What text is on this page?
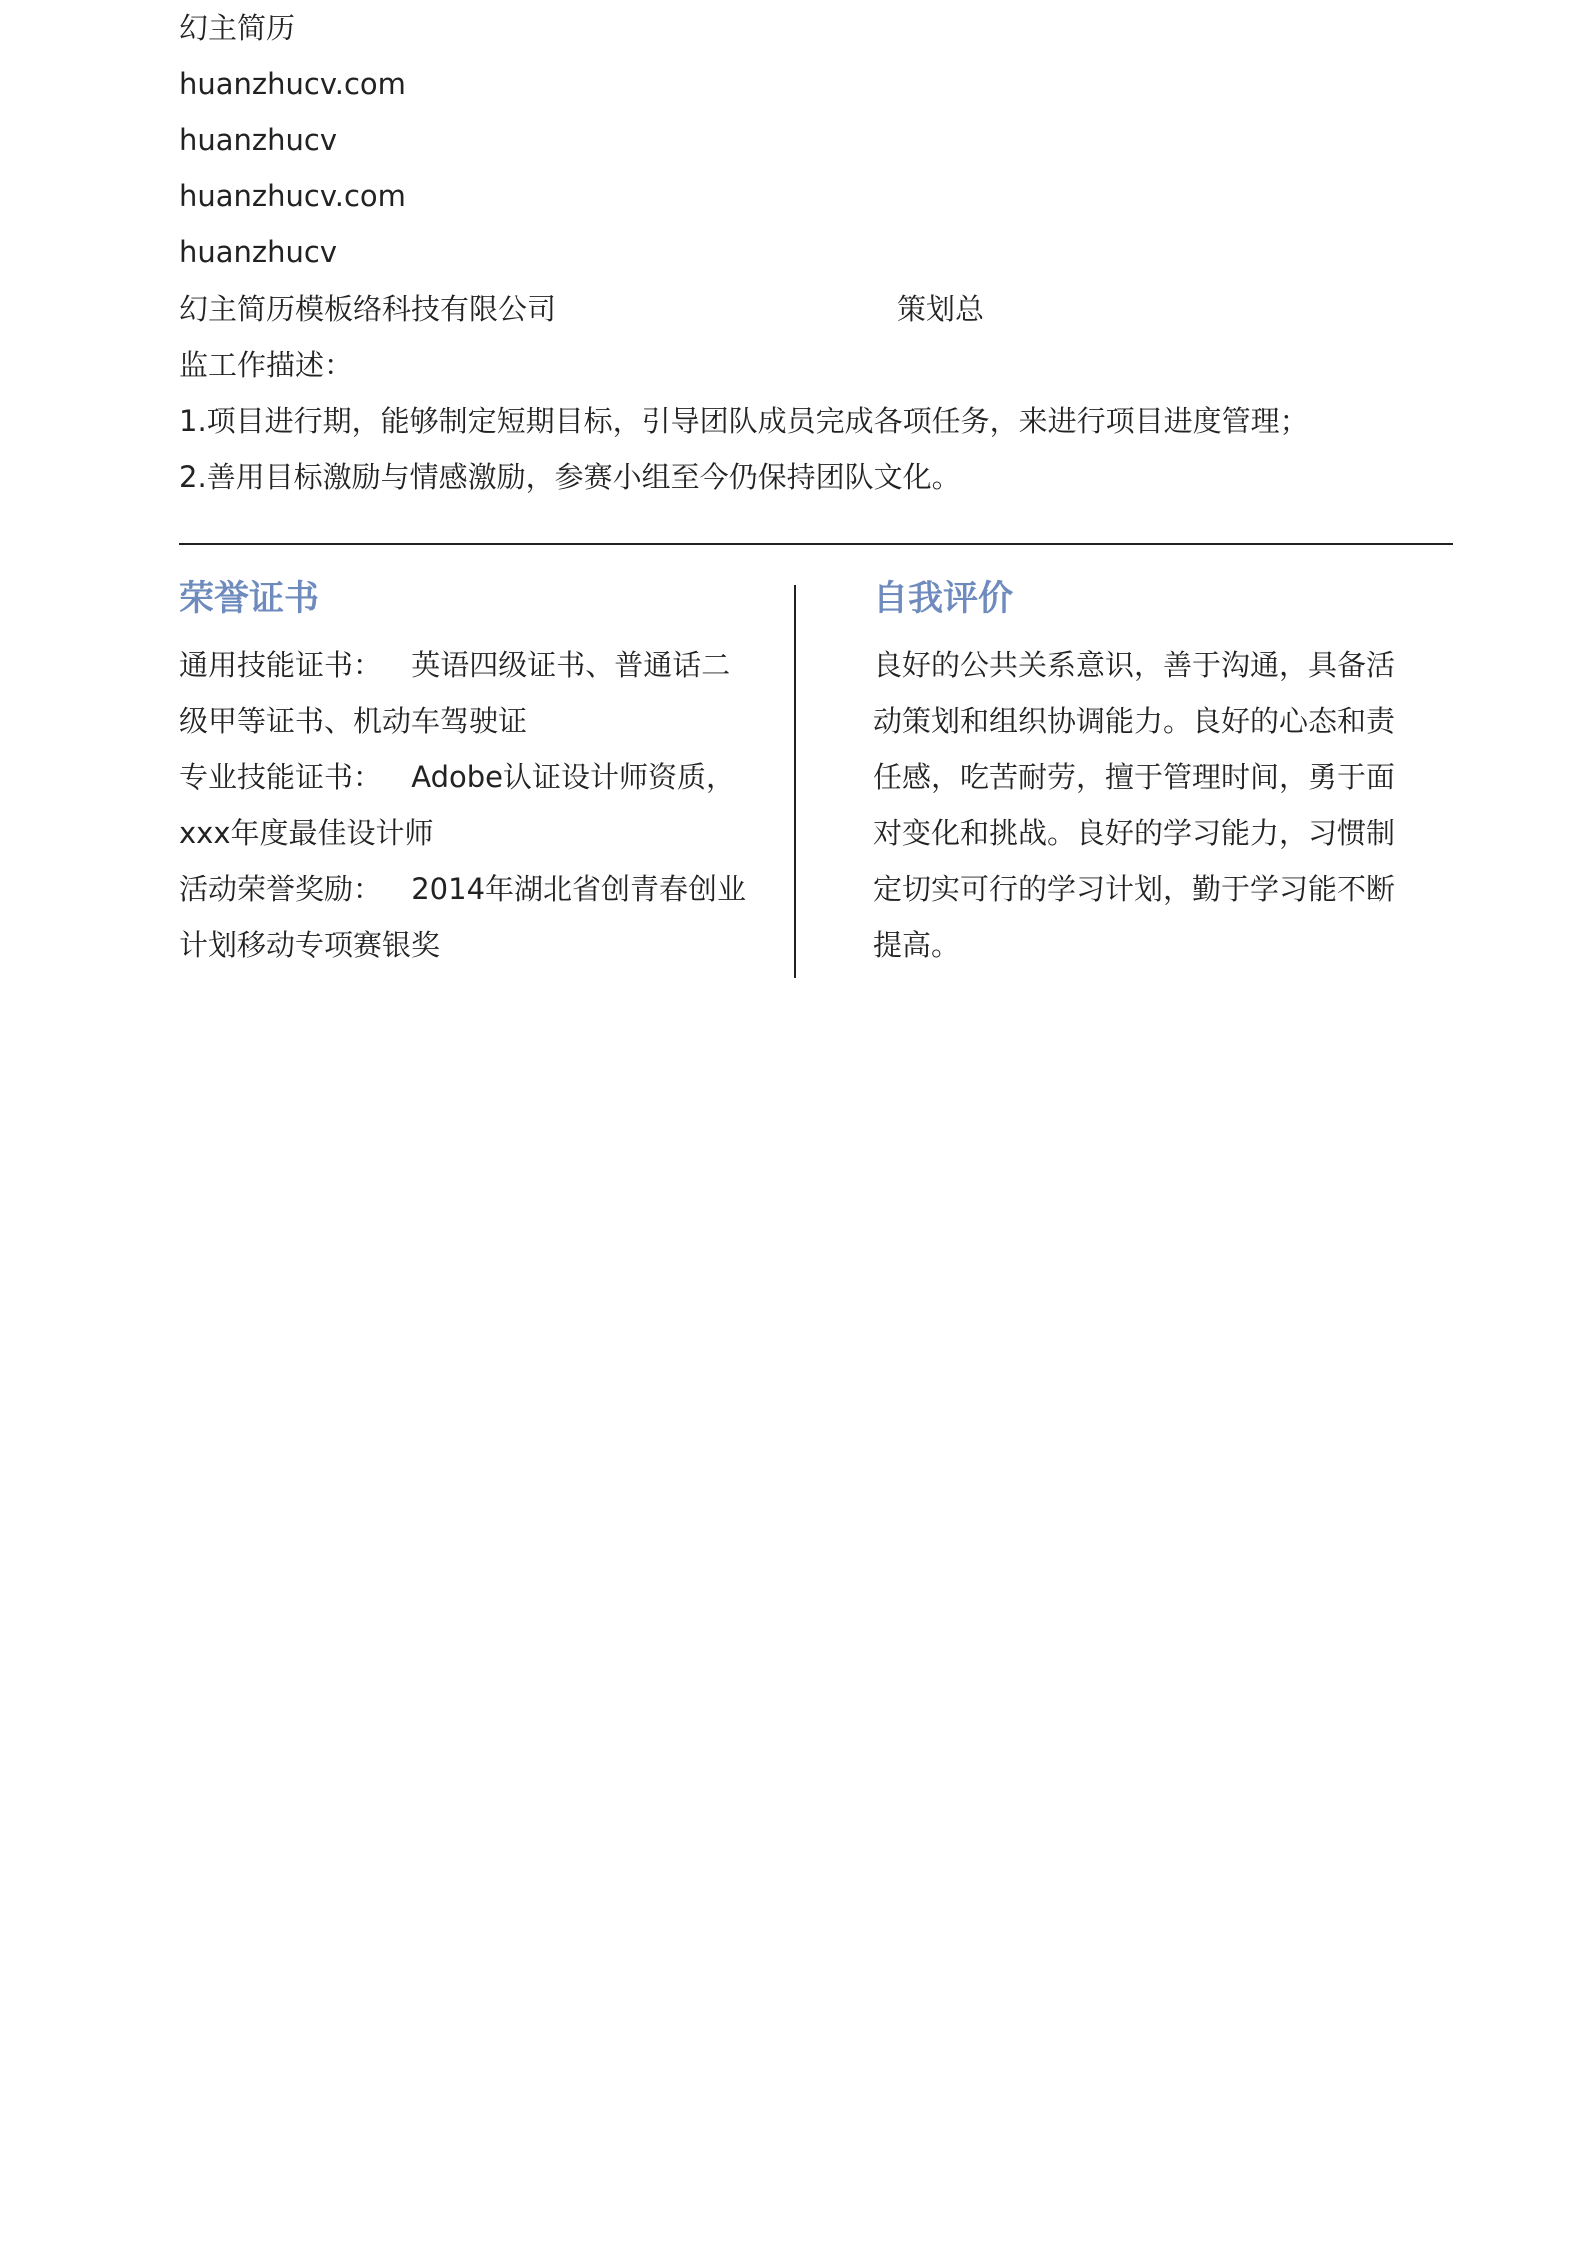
幻主简历
huanzhucv.com
huanzhucv
huanzhucv.com
huanzhucv
幻主简历模板络科技有限公司	策划总
监工作描述：
1.项目进行期，能够制定短期目标，引导团队成员完成各项任务，来进行项目进度管理；
2.善用目标激励与情感激励，参赛小组至今仍保持团队文化。
荣誉证书
通用技能证书： 英语四级证书、普通话二级甲等证书、机动车驾驶证
专业技能证书： Adobe认证设计师资质，xxx年度最佳设计师
活动荣誉奖励： 2014年湖北省创青春创业计划移动专项赛银奖
自我评价

良好的公共关系意识，善于沟通，具备活动策划和组织协调能力。良好的心态和责任感，吃苦耐劳，擅于管理时间，勇于面对变化和挑战。良好的学习能力，习惯制定切实可行的学习计划，勤于学习能不断提高。
